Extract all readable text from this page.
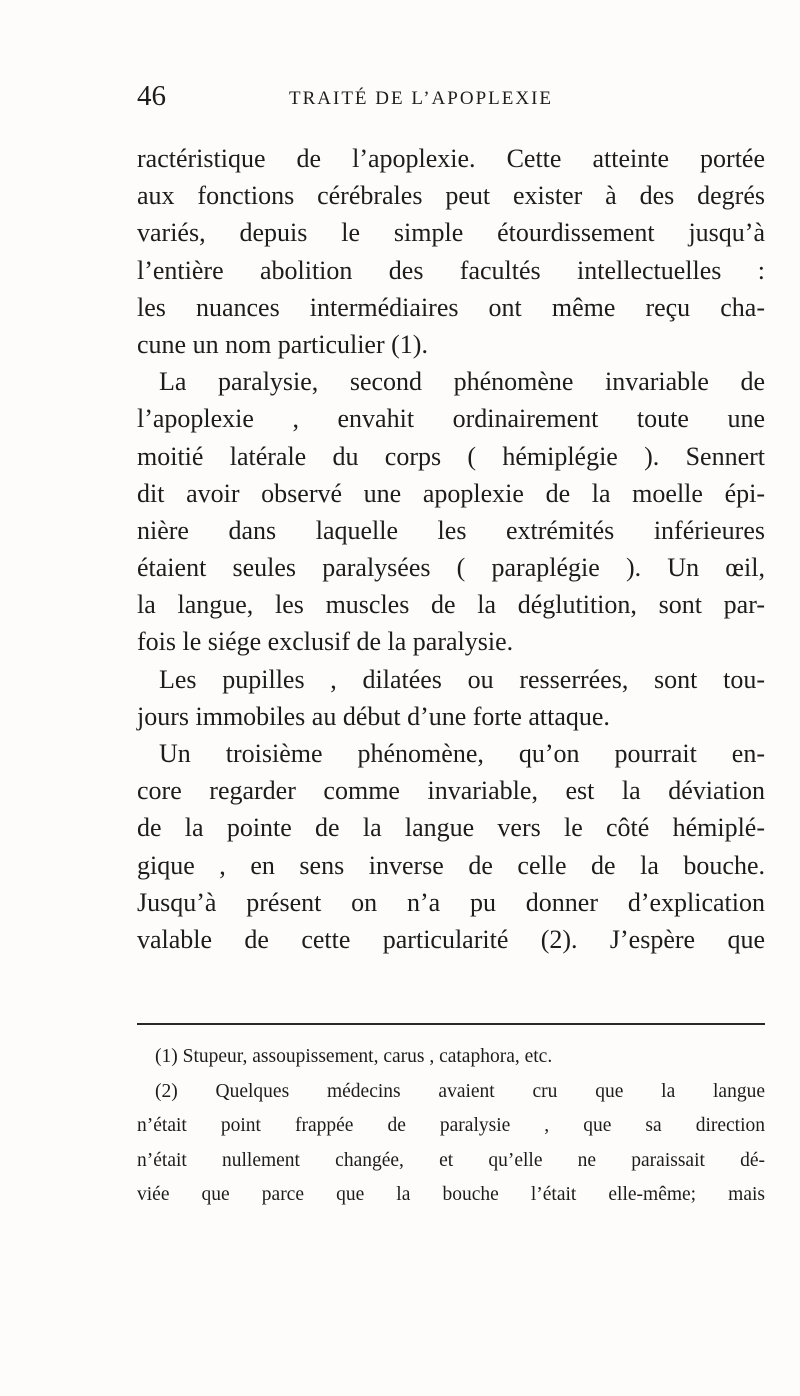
46	TRAITÉ DE L’APOPLEXIE
ractéristique de l’apoplexie. Cette atteinte portée
aux fonctions cérébrales peut exister à des degrés
variés, depuis le simple étourdissement jusqu’à
l’entière abolition des facultés intellectuelles :
les nuances intermédiaires ont même reçu cha-
cune un nom particulier (1).
La paralysie, second phénomène invariable de
l’apoplexie , envahit ordinairement toute une
moitié latérale du corps ( hémiplégie ). Sennert
dit avoir observé une apoplexie de la moelle épi-
nière dans laquelle les extrémités inférieures
étaient seules paralysées ( paraplégie ). Un œil,
la langue, les muscles de la déglutition, sont par-
fois le siége exclusif de la paralysie.
Les pupilles , dilatées ou resserrées, sont tou-
jours immobiles au début d’une forte attaque.
Un troisième phénomène, qu’on pourrait en-
core regarder comme invariable, est la déviation
de la pointe de la langue vers le côté hémiplé-
gique , en sens inverse de celle de la bouche.
Jusqu’à présent on n’a pu donner d’explication
valable de cette particularité (2). J’espère que
(1) Stupeur, assoupissement, carus , cataphora, etc.
(2) Quelques médecins avaient cru que la langue
n’était point frappée de paralysie , que sa direction
n’était nullement changée, et qu’elle ne paraissait dé-
viée que parce que la bouche l’était elle-même; mais
